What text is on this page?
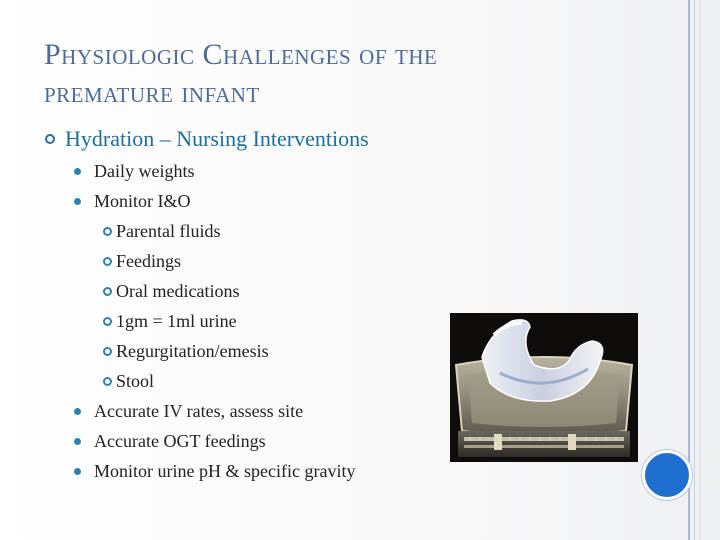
Physiologic Challenges of the
premature infant
Hydration – Nursing Interventions
Daily weights
Monitor I&O
Parental fluids
Feedings
Oral medications
1gm = 1ml urine
Regurgitation/emesis
Stool
Accurate IV rates, assess site
Accurate OGT feedings
Monitor urine pH & specific gravity
